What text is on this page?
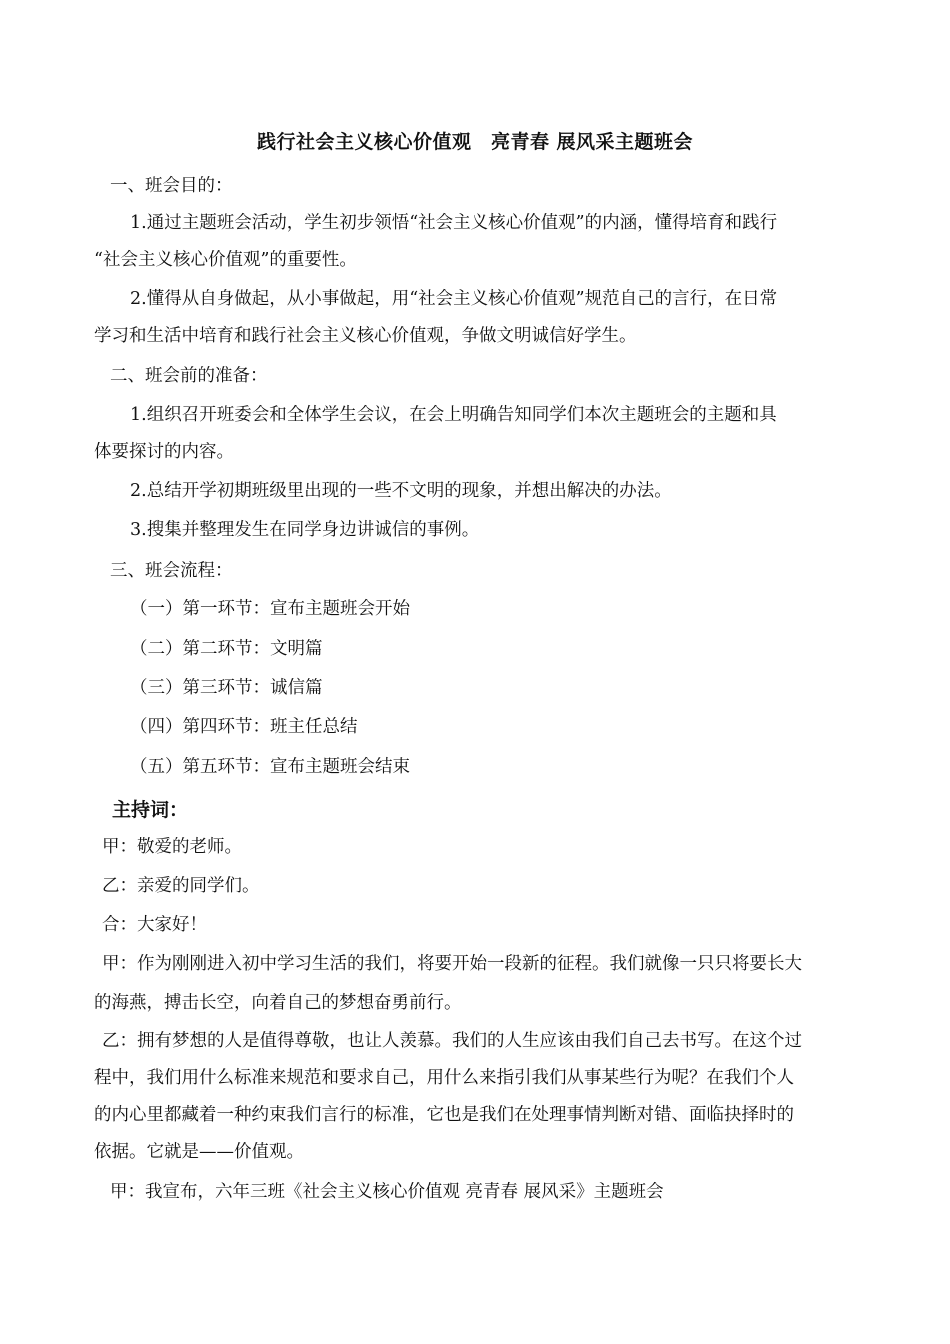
践行社会主义核心价值观　亮青春 展风采主题班会
一、班会目的：
1.通过主题班会活动，学生初步领悟“社会主义核心价值观”的内涵，懂得培育和践行
“社会主义核心价值观”的重要性。
2.懂得从自身做起，从小事做起，用“社会主义核心价值观”规范自己的言行，在日常
学习和生活中培育和践行社会主义核心价值观，争做文明诚信好学生。
二、班会前的准备：
1.组织召开班委会和全体学生会议，在会上明确告知同学们本次主题班会的主题和具
体要探讨的内容。
2.总结开学初期班级里出现的一些不文明的现象，并想出解决的办法。
3.搜集并整理发生在同学身边讲诚信的事例。
三、班会流程：
（一）第一环节：宣布主题班会开始
（二）第二环节：文明篇
（三）第三环节：诚信篇
（四）第四环节：班主任总结
（五）第五环节：宣布主题班会结束
主持词：
甲：敬爱的老师。
乙：亲爱的同学们。
合：大家好！
甲：作为刚刚进入初中学习生活的我们，将要开始一段新的征程。我们就像一只只将要长大
的海燕，搏击长空，向着自己的梦想奋勇前行。
乙：拥有梦想的人是值得尊敬，也让人羡慕。我们的人生应该由我们自己去书写。在这个过
程中，我们用什么标准来规范和要求自己，用什么来指引我们从事某些行为呢？在我们个人
的内心里都藏着一种约束我们言行的标准，它也是我们在处理事情判断对错、面临抉择时的
依据。它就是——价值观。
甲：我宣布，六年三班《社会主义核心价值观 亮青春 展风采》主题班会
